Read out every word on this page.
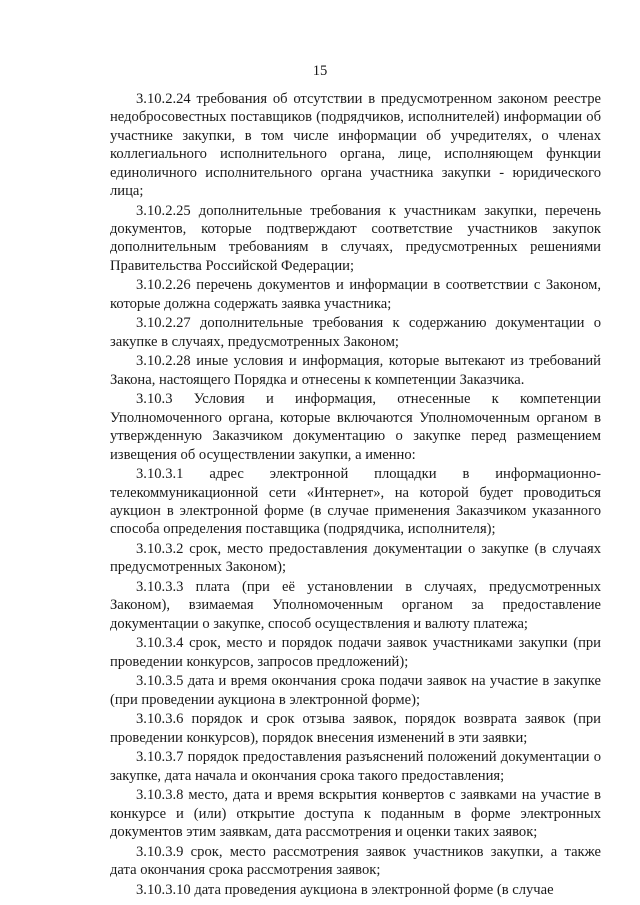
15

3.10.2.24 требования об отсутствии в предусмотренном законом реестре недобросовестных поставщиков (подрядчиков, исполнителей) информации об участнике закупки, в том числе информации об учредителях, о членах коллегиального исполнительного органа, лице, исполняющем функции единоличного исполнительного органа участника закупки - юридического лица;

3.10.2.25 дополнительные требования к участникам закупки, перечень документов, которые подтверждают соответствие участников закупок дополнительным требованиям в случаях, предусмотренных решениями Правительства Российской Федерации;

3.10.2.26 перечень документов и информации в соответствии с Законом, которые должна содержать заявка участника;

3.10.2.27 дополнительные требования к содержанию документации о закупке в случаях, предусмотренных Законом;

3.10.2.28 иные условия и информация, которые вытекают из требований Закона, настоящего Порядка и отнесены к компетенции Заказчика.

3.10.3 Условия и информация, отнесенные к компетенции Уполномоченного органа, которые включаются Уполномоченным органом в утвержденную Заказчиком документацию о закупке перед размещением извещения об осуществлении закупки, а именно:

3.10.3.1 адрес электронной площадки в информационно-телекоммуникационной сети «Интернет», на которой будет проводиться аукцион в электронной форме (в случае применения Заказчиком указанного способа определения поставщика (подрядчика, исполнителя);

3.10.3.2 срок, место предоставления документации о закупке (в случаях предусмотренных Законом);

3.10.3.3 плата (при её установлении в случаях, предусмотренных Законом), взимаемая Уполномоченным органом за предоставление документации о закупке, способ осуществления и валюту платежа;

3.10.3.4 срок, место и порядок подачи заявок участниками закупки (при проведении конкурсов, запросов предложений);

3.10.3.5 дата и время окончания срока подачи заявок на участие в закупке (при проведении аукциона в электронной форме);

3.10.3.6 порядок и срок отзыва заявок, порядок возврата заявок (при проведении конкурсов), порядок внесения изменений в эти заявки;

3.10.3.7 порядок предоставления разъяснений положений документации о закупке, дата начала и окончания срока такого предоставления;

3.10.3.8 место, дата и время вскрытия конвертов с заявками на участие в конкурсе и (или) открытие доступа к поданным в форме электронных документов этим заявкам, дата рассмотрения и оценки таких заявок;

3.10.3.9 срок, место рассмотрения заявок участников закупки, а также дата окончания срока рассмотрения заявок;

3.10.3.10 дата проведения аукциона в электронной форме (в случае
